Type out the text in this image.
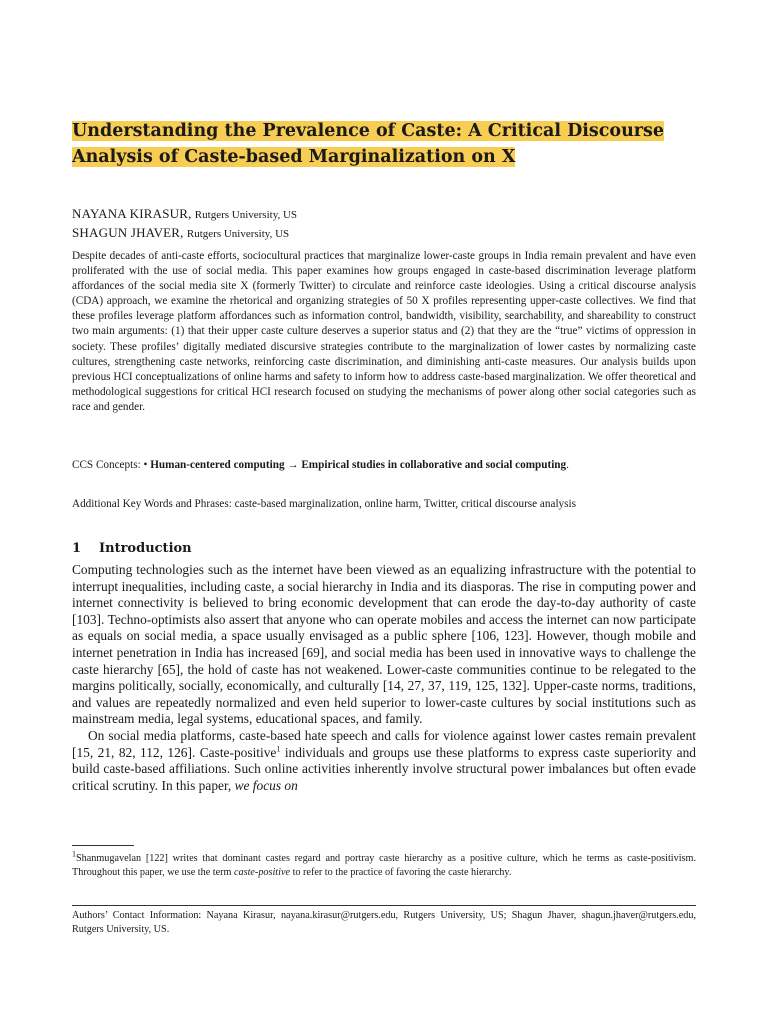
Understanding the Prevalence of Caste: A Critical Discourse Analysis of Caste-based Marginalization on X
NAYANA KIRASUR, Rutgers University, US
SHAGUN JHAVER, Rutgers University, US
Despite decades of anti-caste efforts, sociocultural practices that marginalize lower-caste groups in India remain prevalent and have even proliferated with the use of social media. This paper examines how groups engaged in caste-based discrimination leverage platform affordances of the social media site X (formerly Twitter) to circulate and reinforce caste ideologies. Using a critical discourse analysis (CDA) approach, we examine the rhetorical and organizing strategies of 50 X profiles representing upper-caste collectives. We find that these profiles leverage platform affordances such as information control, bandwidth, visibility, searchability, and shareability to construct two main arguments: (1) that their upper caste culture deserves a superior status and (2) that they are the “true” victims of oppression in society. These profiles’ digitally mediated discursive strategies contribute to the marginalization of lower castes by normalizing caste cultures, strengthening caste networks, reinforcing caste discrimination, and diminishing anti-caste measures. Our analysis builds upon previous HCI conceptualizations of online harms and safety to inform how to address caste-based marginalization. We offer theoretical and methodological suggestions for critical HCI research focused on studying the mechanisms of power along other social categories such as race and gender.
CCS Concepts: • Human-centered computing → Empirical studies in collaborative and social computing.
Additional Key Words and Phrases: caste-based marginalization, online harm, Twitter, critical discourse analysis
1 Introduction

Computing technologies such as the internet have been viewed as an equalizing infrastructure with the potential to interrupt inequalities, including caste, a social hierarchy in India and its diasporas. The rise in computing power and internet connectivity is believed to bring economic development that can erode the day-to-day authority of caste [103]. Techno-optimists also assert that anyone who can operate mobiles and access the internet can now participate as equals on social media, a space usually envisaged as a public sphere [106, 123]. However, though mobile and internet penetration in India has increased [69], and social media has been used in innovative ways to challenge the caste hierarchy [65], the hold of caste has not weakened. Lower-caste communities continue to be relegated to the margins politically, socially, economically, and culturally [14, 27, 37, 119, 125, 132]. Upper-caste norms, traditions, and values are repeatedly normalized and even held superior to lower-caste cultures by social institutions such as mainstream media, legal systems, educational spaces, and family.

On social media platforms, caste-based hate speech and calls for violence against lower castes remain prevalent [15, 21, 82, 112, 126]. Caste-positive$^1$ individuals and groups use these platforms to express caste superiority and build caste-based affiliations. Such online activities inherently involve structural power imbalances but often evade critical scrutiny. In this paper, we focus on

$^1$Shanmugavelan [122] writes that dominant castes regard and portray caste hierarchy as a positive culture, which he terms as caste-positivism. Throughout this paper, we use the term caste-positive to refer to the practice of favoring the caste hierarchy.
Authors’ Contact Information: Nayana Kirasur, nayana.kirasur@rutgers.edu, Rutgers University, US; Shagun Jhaver, shagun.jhaver@rutgers.edu, Rutgers University, US.
